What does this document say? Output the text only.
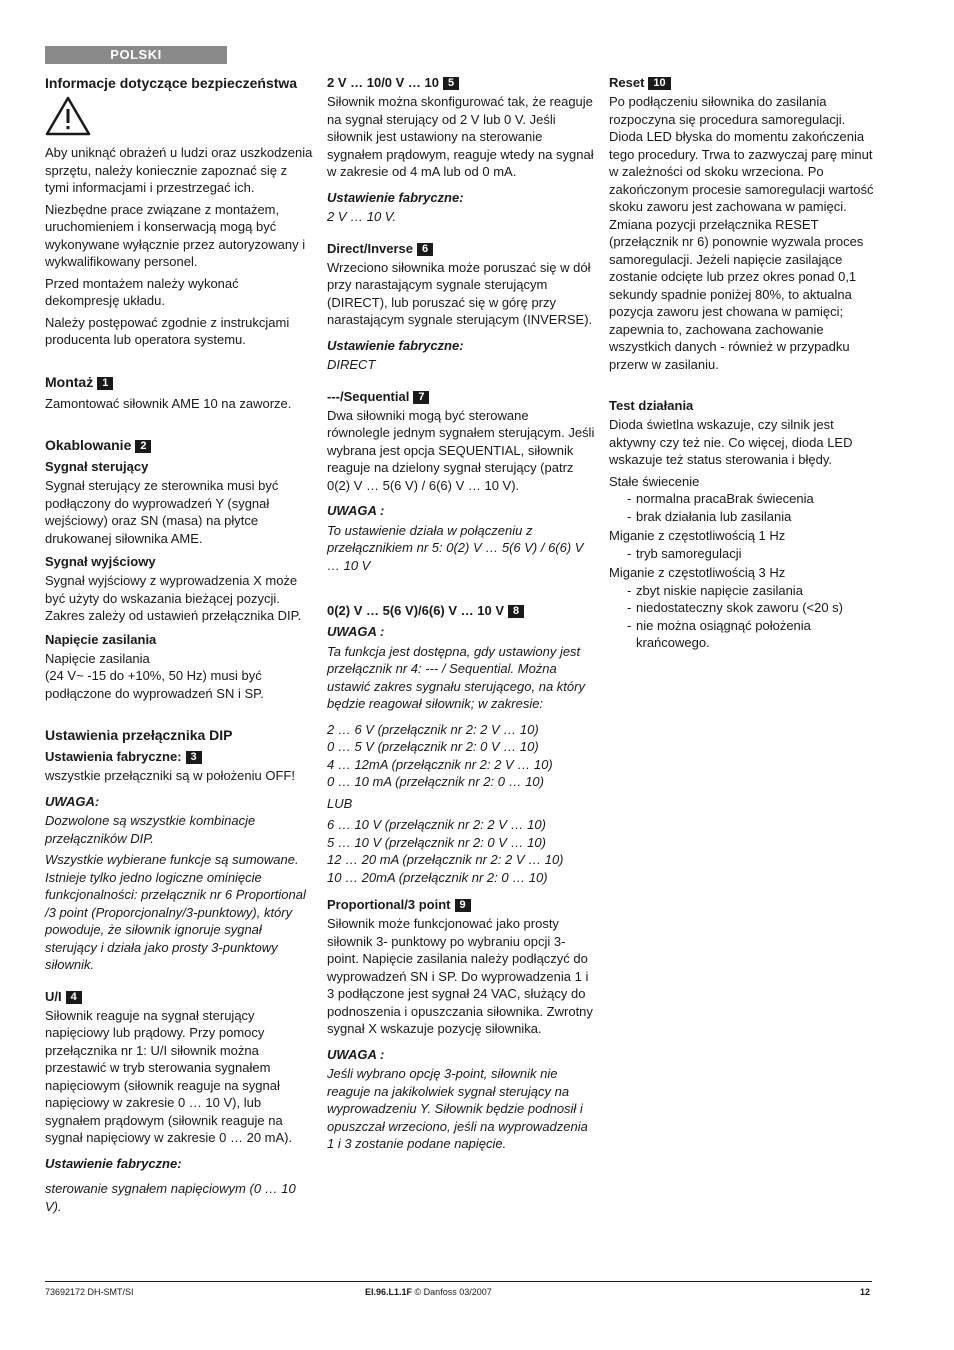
POLSKI
Informacje dotyczące bezpieczeństwa

Aby uniknąć obrażeń u ludzi oraz uszkodzenia sprzętu, należy koniecznie zapoznać się z tymi informacjami i przestrzegać ich.

Niezbędne prace związane z montażem, uruchomieniem i konserwacją mogą być wykonywane wyłącznie przez autoryzowany i wykwalifikowany personel.

Przed montażem należy wykonać dekompresję układu.

Należy postępować zgodnie z instrukcjami producenta lub operatora systemu.

Montaż 1

Zamontować siłownik AME 10 na zaworze.

Okablowanie 2
Sygnał sterujący

Sygnał sterujący ze sterownika musi być podłączony do wyprowadzeń Y (sygnał wejściowy) oraz SN (masa) na płytce drukowanej siłownika AME.

Sygnał wyjściowy

Sygnał wyjściowy z wyprowadzenia X może być użyty do wskazania bieżącej pozycji. Zakres zależy od ustawień przełącznika DIP.

Napięcie zasilania

Napięcie zasilania

(24 V~ -15 do +10%, 50 Hz) musi być podłączone do wyprowadzeń SN i SP.

Ustawienia przełącznika DIP
Ustawienia fabryczne: 3

wszystkie przełączniki są w położeniu OFF!

UWAGA:

Dozwolone są wszystkie kombinacje przełączników DIP.

Wszystkie wybierane funkcje są sumowane. Istnieje tylko jedno logiczne ominięcie funkcjonalności: przełącznik nr 6 Proportional /3 point (Proporcjonalny/3-punktowy), który powoduje, że siłownik ignoruje sygnał sterujący i działa jako prosty 3-punktowy siłownik.

U/I 4

Siłownik reaguje na sygnał sterujący napięciowy lub prądowy. Przy pomocy przełącznika nr 1: U/I siłownik można przestawić w tryb sterowania sygnałem napięciowym (siłownik reaguje na sygnał napięciowy w zakresie 0 … 10 V), lub sygnałem prądowym (siłownik reaguje na sygnał napięciowy w zakresie 0 … 20 mA).

Ustawienie fabryczne:

sterowanie sygnałem napięciowym (0 … 10 V).

2 V … 10/0 V … 10 5

Siłownik można skonfigurować tak, że reaguje na sygnał sterujący od 2 V lub 0 V. Jeśli siłownik jest ustawiony na sterowanie sygnałem prądowym, reaguje wtedy na sygnał w zakresie od 4 mA lub od 0 mA.

Ustawienie fabryczne:

2 V … 10 V.

Direct/Inverse 6

Wrzeciono siłownika może poruszać się w dół przy narastającym sygnale sterującym (DIRECT), lub poruszać się w górę przy narastającym sygnale sterującym (INVERSE).

Ustawienie fabryczne:

DIRECT

---/Sequential 7

Dwa siłowniki mogą być sterowane równolegle jednym sygnałem sterującym. Jeśli wybrana jest opcja SEQUENTIAL, siłownik reaguje na dzielony sygnał sterujący (patrz 0(2) V … 5(6 V) / 6(6) V … 10 V).

UWAGA :

To ustawienie działa w połączeniu z przełącznikiem nr 5: 0(2) V … 5(6 V) / 6(6) V … 10 V

0(2) V … 5(6 V)/6(6) V … 10 V 8

UWAGA :

Ta funkcja jest dostępna, gdy ustawiony jest przełącznik nr 4: --- / Sequential. Można ustawić zakres sygnału sterującego, na który będzie reagował siłownik; w zakresie:

2 … 6 V (przełącznik nr 2: 2 V … 10)

0 … 5 V (przełącznik nr 2: 0 V … 10)

4 … 12mA (przełącznik nr 2: 2 V … 10)

0 … 10 mA (przełącznik nr 2: 0 … 10)

LUB

6 … 10 V (przełącznik nr 2: 2 V … 10)

5 … 10 V (przełącznik nr 2: 0 V … 10)

12 … 20 mA (przełącznik nr 2: 2 V … 10)

10 … 20mA (przełącznik nr 2: 0 … 10)

Proportional/3 point 9

Siłownik może funkcjonować jako prosty siłownik 3- punktowy po wybraniu opcji 3-point. Napięcie zasilania należy podłączyć do wyprowadzeń SN i SP. Do wyprowadzenia 1 i 3 podłączone jest sygnał 24 VAC, służący do podnoszenia i opuszczania siłownika. Zwrotny sygnał X wskazuje pozycję siłownika.

UWAGA :

Jeśli wybrano opcję 3-point, siłownik nie reaguje na jakikolwiek sygnał sterujący na wyprowadzeniu Y. Siłownik będzie podnosił i opuszczał wrzeciono, jeśli na wyprowadzenia 1 i 3 zostanie podane napięcie.

Reset 10

Po podłączeniu siłownika do zasilania rozpoczyna się procedura samoregulacji. Dioda LED błyska do momentu zakończenia tego procedury. Trwa to zazwyczaj parę minut w zależności od skoku wrzeciona. Po zakończonym procesie samoregulacji wartość skoku zaworu jest zachowana w pamięci. Zmiana pozycji przełącznika RESET (przełącznik nr 6) ponownie wyzwala proces samoregulacji. Jeżeli napięcie zasilające zostanie odcięte lub przez okres ponad 0,1 sekundy spadnie poniżej 80%, to aktualna pozycja zaworu jest chowana w pamięci; zapewnia to, zachowana zachowanie wszystkich danych - również w przypadku przerw w zasilaniu.

Test działania

Dioda świetlna wskazuje, czy silnik jest aktywny czy też nie. Co więcej, dioda LED wskazuje też status sterowania i błędy.

Stałe świecenie

- normalna pracaBrak świecenia
- brak działania lub zasilania

Miganie z częstotliwością 1 Hz

- tryb samoregulacji

Miganie z częstotliwością 3 Hz

- zbyt niskie napięcie zasilania
- niedostateczny skok zaworu (<20 s)
- nie można osiągnąć położenia krańcowego.
73692172 DH-SMT/SI	EI.96.L1.1F © Danfoss 03/2007	12
